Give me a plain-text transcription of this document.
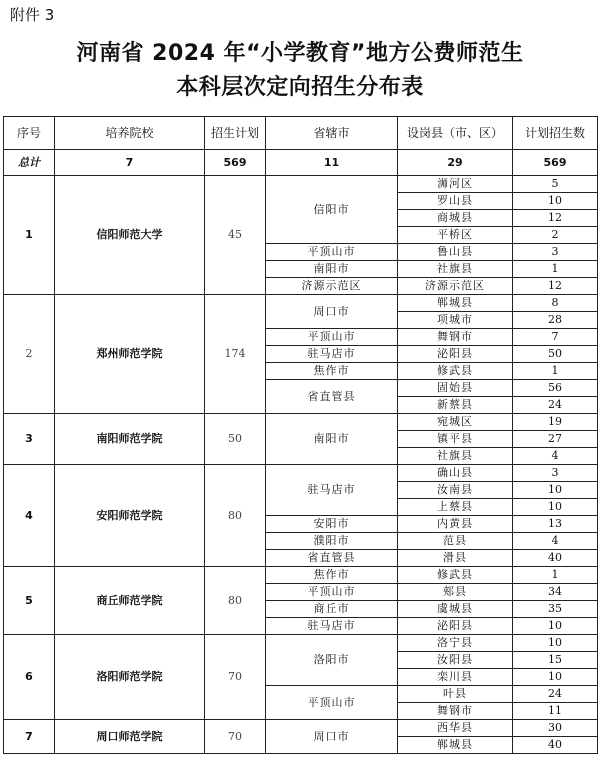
附件 3
河南省 2024 年“小学教育”地方公费师范生
本科层次定向招生分布表
序号	培养院校	招生计划	省辖市	设岗县（市、区）	计划招生数
总计	7	569	11	29	569
1	信阳师范大学	45	信阳市	浉河区	5
				罗山县	10
				商城县	12
				平桥区	2
			平顶山市	鲁山县	3
			南阳市	社旗县	1
			济源示范区	济源示范区	12
2	郑州师范学院	174	周口市	郸城县	8
				项城市	28
			平顶山市	舞钢市	7
			驻马店市	泌阳县	50
			焦作市	修武县	1
			省直管县	固始县	56
				新蔡县	24
3	南阳师范学院	50	南阳市	宛城区	19
				镇平县	27
				社旗县	4
4	安阳师范学院	80	驻马店市	确山县	3
				汝南县	10
				上蔡县	10
			安阳市	内黄县	13
			濮阳市	范县	4
			省直管县	滑县	40
5	商丘师范学院	80	焦作市	修武县	1
			平顶山市	郏县	34
			商丘市	虞城县	35
			驻马店市	泌阳县	10
6	洛阳师范学院	70	洛阳市	洛宁县	10
				汝阳县	15
				栾川县	10
			平顶山市	叶县	24
				舞钢市	11
7	周口师范学院	70	周口市	西华县	30
				郸城县	40
